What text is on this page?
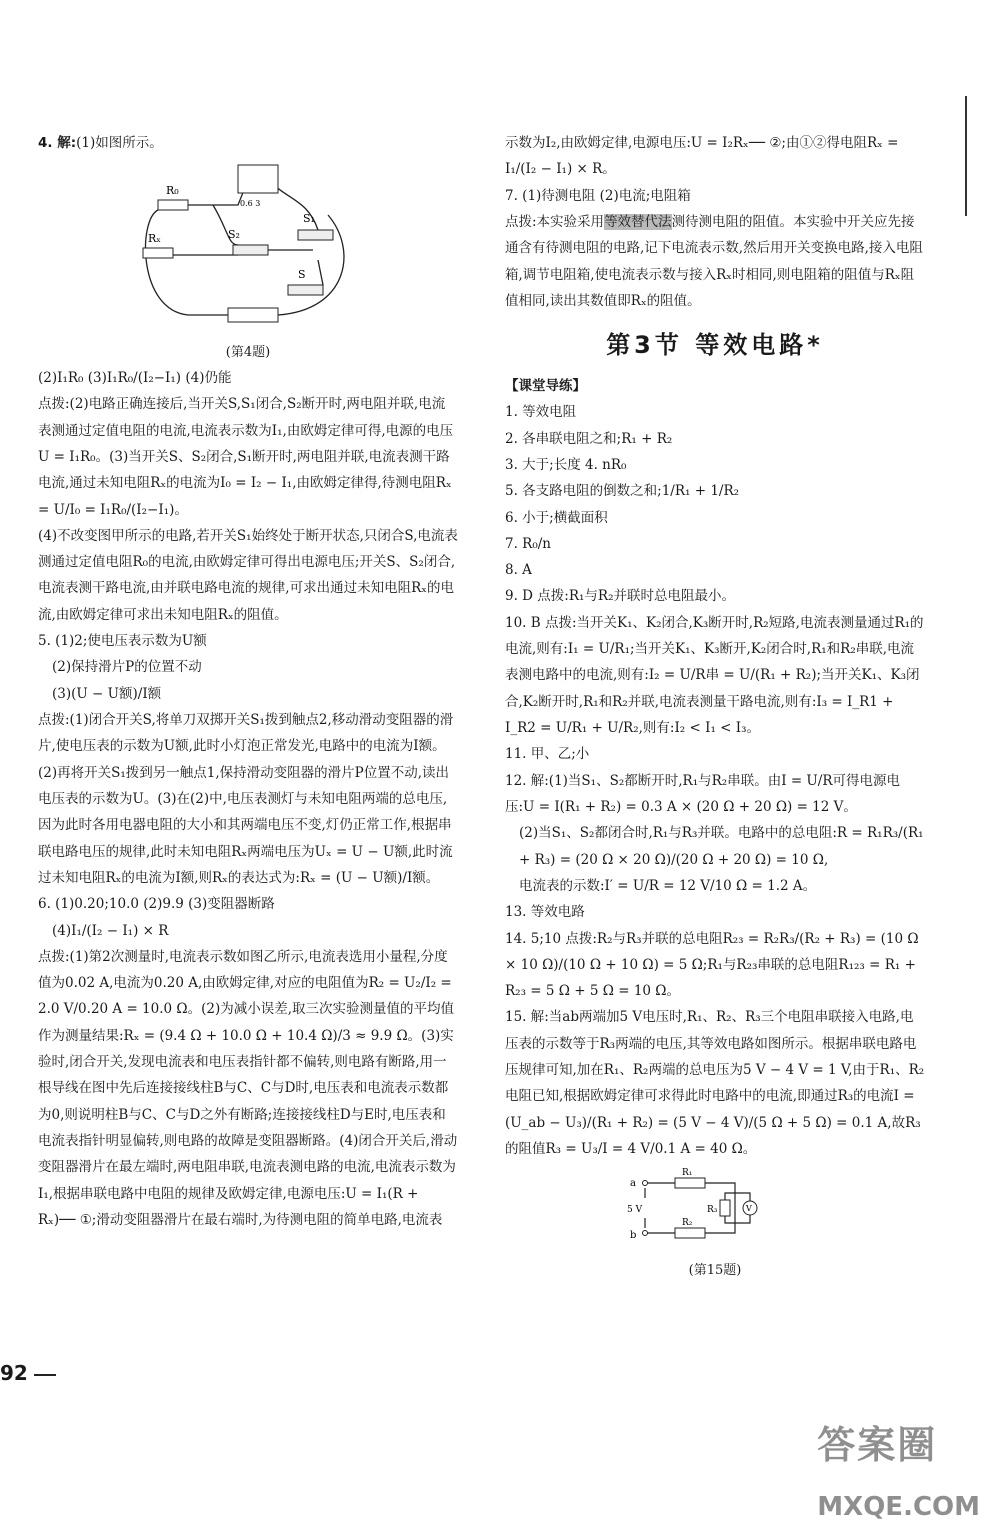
4. 解:(1)如图所示。

R₀
Rₓ
0.6 3
S₂
S₁
S

(第4题)

(2)I₁R₀ (3)I₁R₀/(I₂−I₁) (4)仍能

点拨:(2)电路正确连接后,当开关S,S₁闭合,S₂断开时,两电阻并联,电流表测通过定值电阻的电流,电流表示数为I₁,由欧姆定律可得,电源的电压U = I₁R₀。(3)当开关S、S₂闭合,S₁断开时,两电阻并联,电流表测干路电流,通过未知电阻Rₓ的电流为I₀ = I₂ − I₁,由欧姆定律得,待测电阻Rₓ = U/I₀ = I₁R₀/(I₂−I₁)。

(4)不改变图甲所示的电路,若开关S₁始终处于断开状态,只闭合S,电流表测通过定值电阻R₀的电流,由欧姆定律可得出电源电压;开关S、S₂闭合,电流表测干路电流,由并联电路电流的规律,可求出通过未知电阻Rₓ的电流,由欧姆定律可求出未知电阻Rₓ的阻值。

5. (1)2;使电压表示数为U额

(2)保持滑片P的位置不动

(3)(U − U额)/I额

点拨:(1)闭合开关S,将单刀双掷开关S₁拨到触点2,移动滑动变阻器的滑片,使电压表的示数为U额,此时小灯泡正常发光,电路中的电流为I额。(2)再将开关S₁拨到另一触点1,保持滑动变阻器的滑片P位置不动,读出电压表的示数为U。(3)在(2)中,电压表测灯与未知电阻两端的总电压,因为此时各用电器电阻的大小和其两端电压不变,灯仍正常工作,根据串联电路电压的规律,此时未知电阻Rₓ两端电压为Uₓ = U − U额,此时流过未知电阻Rₓ的电流为I额,则Rₓ的表达式为:Rₓ = (U − U额)/I额。

6. (1)0.20;10.0 (2)9.9 (3)变阻器断路

(4)I₁/(I₂ − I₁) × R

点拨:(1)第2次测量时,电流表示数如图乙所示,电流表选用小量程,分度值为0.02 A,电流为0.20 A,由欧姆定律,对应的电阻值为R₂ = U₂/I₂ = 2.0 V/0.20 A = 10.0 Ω。(2)为减小误差,取三次实验测量值的平均值作为测量结果:Rₓ = (9.4 Ω + 10.0 Ω + 10.4 Ω)/3 ≈ 9.9 Ω。(3)实验时,闭合开关,发现电流表和电压表指针都不偏转,则电路有断路,用一根导线在图中先后连接接线柱B与C、C与D时,电压表和电流表示数都为0,则说明柱B与C、C与D之外有断路;连接接线柱D与E时,电压表和电流表指针明显偏转,则电路的故障是变阻器断路。(4)闭合开关后,滑动变阻器滑片在最左端时,两电阻串联,电流表测电路的电流,电流表示数为I₁,根据串联电路中电阻的规律及欧姆定律,电源电压:U = I₁(R + Rₓ)── ①;滑动变阻器滑片在最右端时,为待测电阻的简单电路,电流表

92

示数为I₂,由欧姆定律,电源电压:U = I₂Rₓ── ②;由①②得电阻Rₓ = I₁/(I₂ − I₁) × R。

7. (1)待测电阻 (2)电流;电阻箱

点拨:本实验采用等效替代法测待测电阻的阻值。本实验中开关应先接通含有待测电阻的电路,记下电流表示数,然后用开关变换电路,接入电阻箱,调节电阻箱,使电流表示数与接入Rₓ时相同,则电阻箱的阻值与Rₓ阻值相同,读出其数值即Rₓ的阻值。

第3节 等效电路*

【课堂导练】

1. 等效电阻

2. 各串联电阻之和;R₁ + R₂

3. 大于;长度 4. nR₀

5. 各支路电阻的倒数之和;1/R₁ + 1/R₂

6. 小于;横截面积

7. R₀/n

8. A

9. D 点拨:R₁与R₂并联时总电阻最小。

10. B 点拨:当开关K₁、K₂闭合,K₃断开时,R₂短路,电流表测量通过R₁的电流,则有:I₁ = U/R₁;当开关K₁、K₃断开,K₂闭合时,R₁和R₂串联,电流表测电路中的电流,则有:I₂ = U/R串 = U/(R₁ + R₂);当开关K₁、K₃闭合,K₂断开时,R₁和R₂并联,电流表测量干路电流,则有:I₃ = I_R1 + I_R2 = U/R₁ + U/R₂,则有:I₂ < I₁ < I₃。

11. 甲、乙;小

12. 解:(1)当S₁、S₂都断开时,R₁与R₂串联。由I = U/R可得电源电压:U = I(R₁ + R₂) = 0.3 A × (20 Ω + 20 Ω) = 12 V。

(2)当S₁、S₂都闭合时,R₁与R₃并联。电路中的总电阻:R = R₁R₃/(R₁ + R₃) = (20 Ω × 20 Ω)/(20 Ω + 20 Ω) = 10 Ω,

电流表的示数:I′ = U/R = 12 V/10 Ω = 1.2 A。

13. 等效电路

14. 5;10 点拨:R₂与R₃并联的总电阻R₂₃ = R₂R₃/(R₂ + R₃) = (10 Ω × 10 Ω)/(10 Ω + 10 Ω) = 5 Ω;R₁与R₂₃串联的总电阻R₁₂₃ = R₁ + R₂₃ = 5 Ω + 5 Ω = 10 Ω。

15. 解:当ab两端加5 V电压时,R₁、R₂、R₃三个电阻串联接入电路,电压表的示数等于R₃两端的电压,其等效电路如图所示。根据串联电路电压规律可知,加在R₁、R₂两端的总电压为5 V − 4 V = 1 V,由于R₁、R₂电阻已知,根据欧姆定律可求得此时电路中的电流,即通过R₃的电流I = (U_ab − U₃)/(R₁ + R₂) = (5 V − 4 V)/(5 Ω + 5 Ω) = 0.1 A,故R₃的阻值R₃ = U₃/I = 4 V/0.1 A = 40 Ω。

a
b
5 V
R₁
R₂
R₃	V

(第15题)

答案圈
MXQE.COM
